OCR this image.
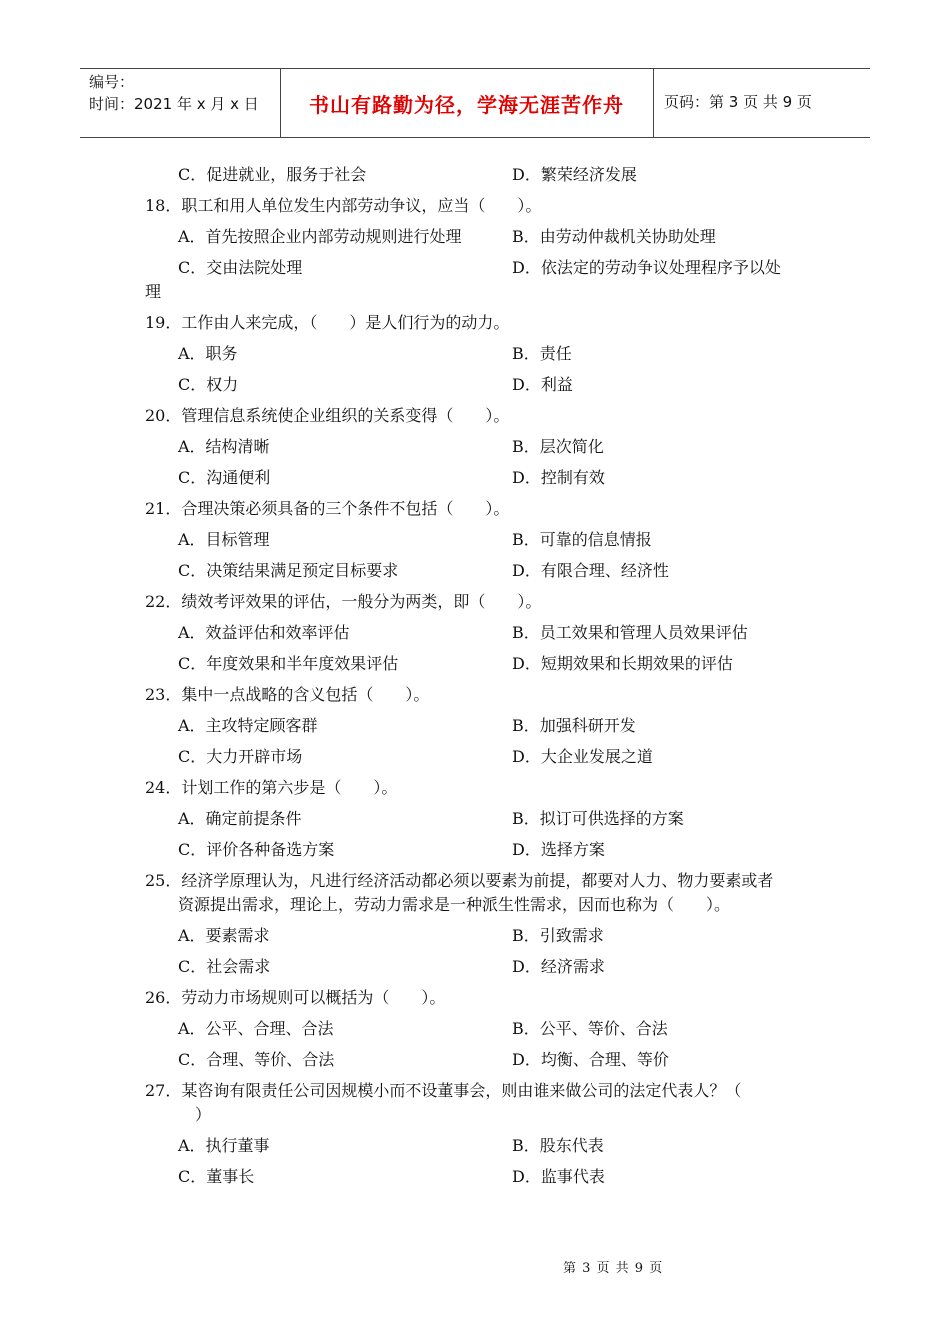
编号：
时间：2021 年 x 月 x 日	书山有路勤为径，学海无涯苦作舟	页码：第 3 页 共 9 页
C．促进就业，服务于社会	D．繁荣经济发展
18．职工和用人单位发生内部劳动争议，应当（　　）。
A．首先按照企业内部劳动规则进行处理	B．由劳动仲裁机关协助处理
C．交由法院处理	D．依法定的劳动争议处理程序予以处
理
19．工作由人来完成，（　　）是人们行为的动力。
A．职务	B．责任
C．权力	D．利益
20．管理信息系统使企业组织的关系变得（　　）。
A．结构清晰	B．层次简化
C．沟通便利	D．控制有效
21．合理决策必须具备的三个条件不包括（　　）。
A．目标管理	B．可靠的信息情报
C．决策结果满足预定目标要求	D．有限合理、经济性
22．绩效考评效果的评估，一般分为两类，即（　　）。
A．效益评估和效率评估	B．员工效果和管理人员效果评估
C．年度效果和半年度效果评估	D．短期效果和长期效果的评估
23．集中一点战略的含义包括（　　）。
A．主攻特定顾客群	B．加强科研开发
C．大力开辟市场	D．大企业发展之道
24．计划工作的第六步是（　　）。
A．确定前提条件	B．拟订可供选择的方案
C．评价各种备选方案	D．选择方案
25．经济学原理认为，凡进行经济活动都必须以要素为前提，都要对人力、物力要素或者
资源提出需求，理论上，劳动力需求是一种派生性需求，因而也称为（　　）。
A．要素需求	B．引致需求
C．社会需求	D．经济需求
26．劳动力市场规则可以概括为（　　）。
A．公平、合理、合法	B．公平、等价、合法
C．合理、等价、合法	D．均衡、合理、等价
27．某咨询有限责任公司因规模小而不设董事会，则由谁来做公司的法定代表人？（
）
A．执行董事	B．股东代表
C．董事长	D．监事代表
第 3 页 共 9 页
